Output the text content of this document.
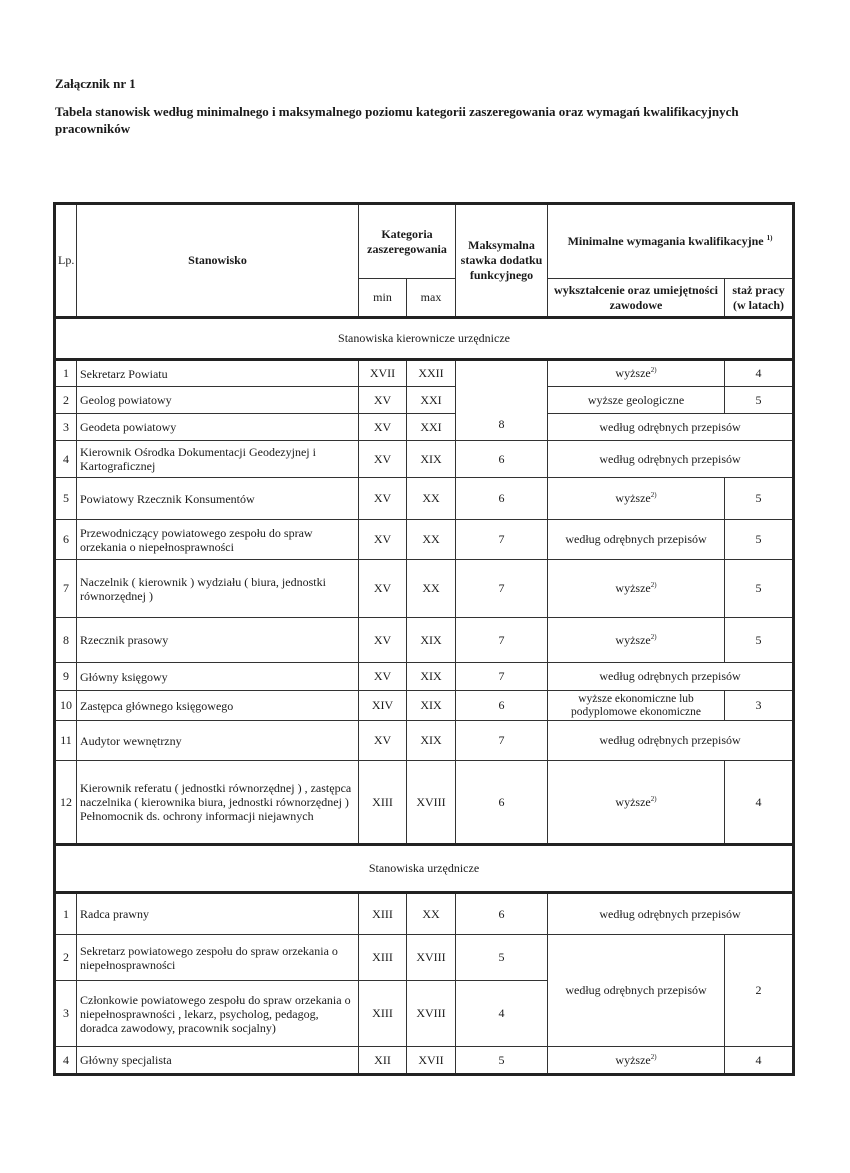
Załącznik nr 1
Tabela stanowisk według minimalnego i maksymalnego poziomu kategorii zaszeregowania oraz wymagań kwalifikacyjnych pracowników
Lp.	Stanowisko	Kategoria zaszeregowania		Maksymalna stawka dodatku funkcyjnego	Minimalne wymagania kwalifikacyjne $^{1)}$
		min	max		wykształcenie oraz umiejętności zawodowe	staż pracy (w latach)
Stanowiska kierownicze urzędnicze						
1	Sekretarz Powiatu	XVII	XXII	8	wyższe$^{2)}$	4
2	Geolog powiatowy	XV	XXI		wyższe geologiczne	5
3	Geodeta powiatowy	XV	XXI		według odrębnych przepisów	
4	Kierownik Ośrodka Dokumentacji Geodezyjnej i Kartograficznej	XV	XIX	6	według odrębnych przepisów	
5	Powiatowy Rzecznik Konsumentów	XV	XX	6	wyższe$^{2)}$	5
6	Przewodniczący powiatowego zespołu do spraw orzekania o niepełnosprawności	XV	XX	7	według odrębnych przepisów	5
7	Naczelnik ( kierownik ) wydziału ( biura, jednostki równorzędnej )	XV	XX	7	wyższe$^{2)}$	5
8	Rzecznik prasowy	XV	XIX	7	wyższe$^{2)}$	5
9	Główny księgowy	XV	XIX	7	według odrębnych przepisów	
10	Zastępca głównego księgowego	XIV	XIX	6	wyższe ekonomiczne lub podyplomowe ekonomiczne	3
11	Audytor wewnętrzny	XV	XIX	7	według odrębnych przepisów	
12	Kierownik referatu ( jednostki równorzędnej ) , zastępca naczelnika ( kierownika biura, jednostki równorzędnej ) Pełnomocnik ds. ochrony informacji niejawnych	XIII	XVIII	6	wyższe$^{2)}$	4
Stanowiska urzędnicze						
1	Radca prawny	XIII	XX	6	według odrębnych przepisów	
2	Sekretarz powiatowego zespołu do spraw orzekania o niepełnosprawności	XIII	XVIII	5	według odrębnych przepisów	2
3	Członkowie powiatowego zespołu do spraw orzekania o niepełnosprawności , lekarz, psycholog, pedagog, doradca zawodowy, pracownik socjalny)	XIII	XVIII	4		
4	Główny specjalista	XII	XVII	5	wyższe$^{2)}$	4
